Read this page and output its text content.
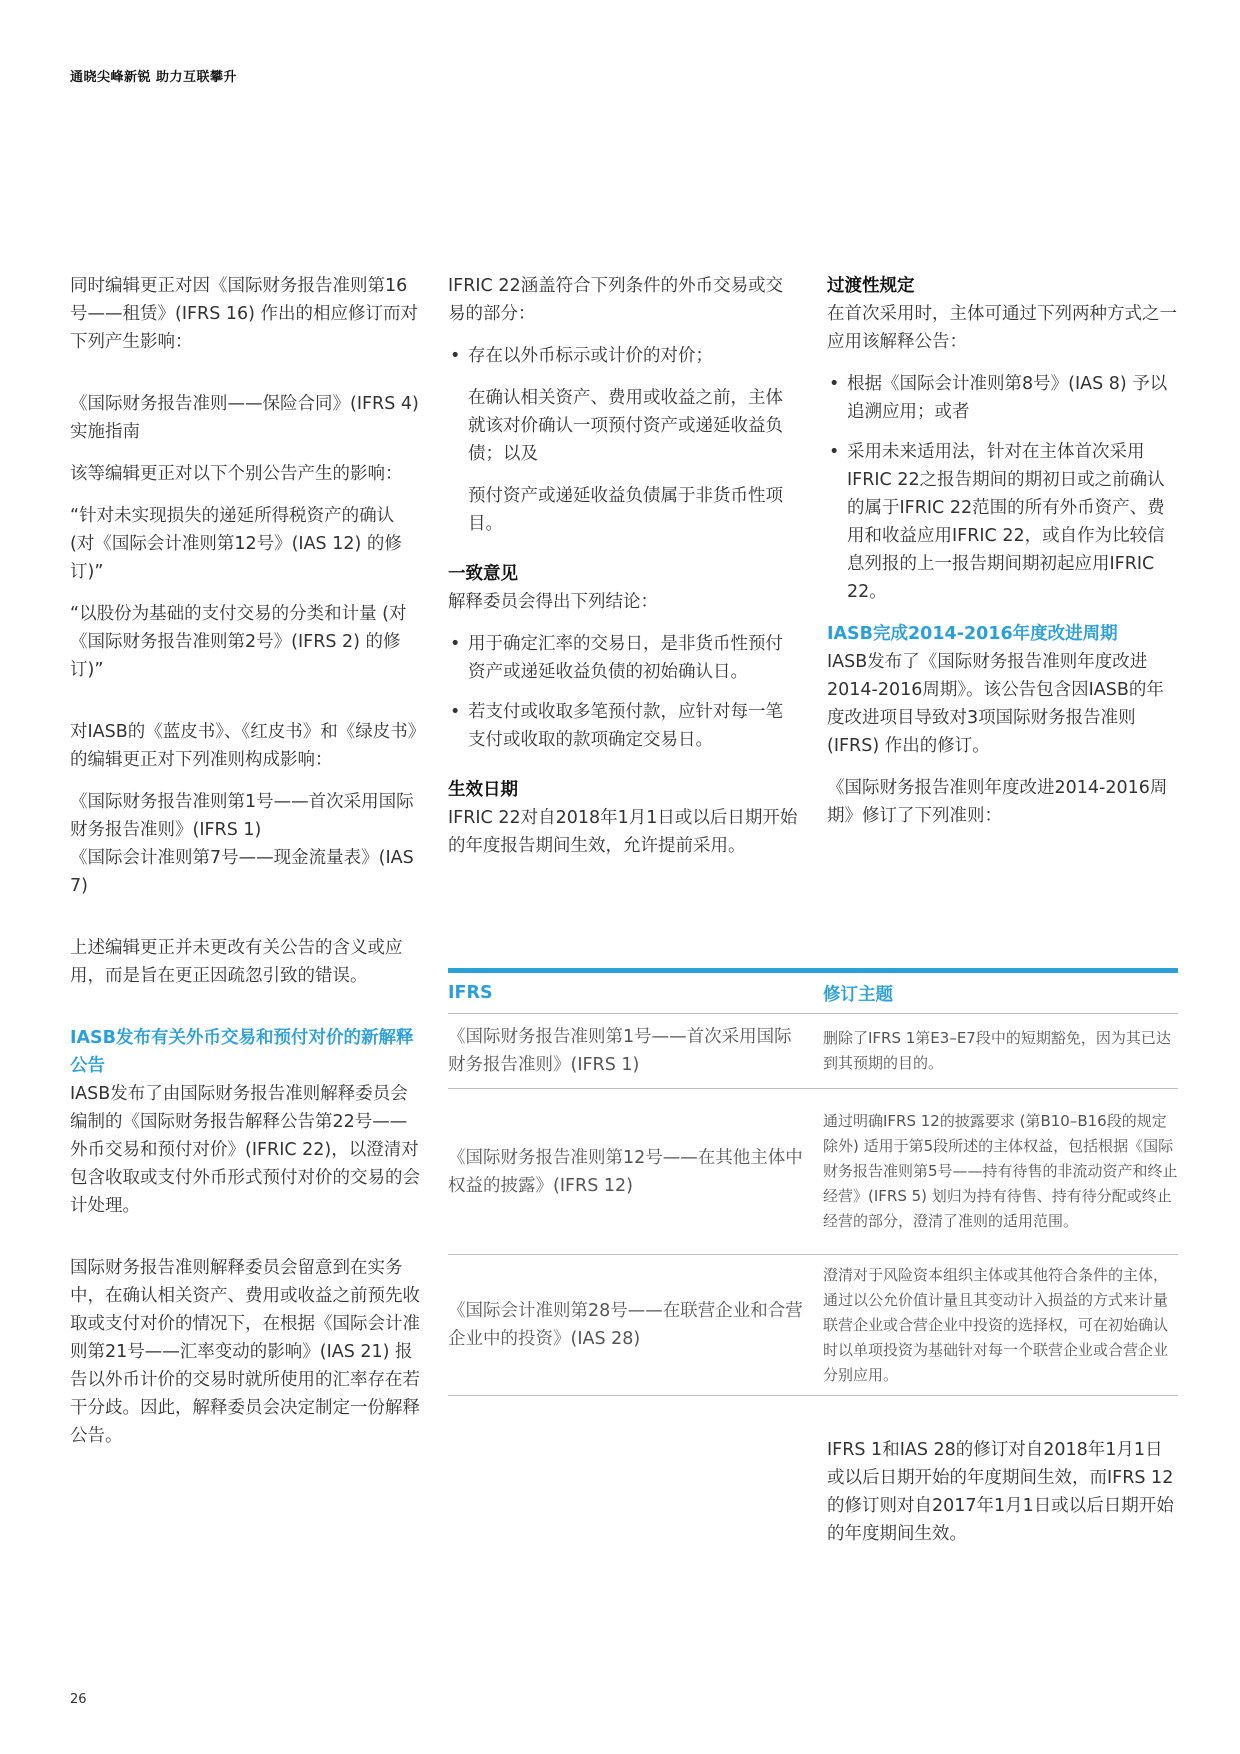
通晓尖峰新锐 助力互联攀升

同时编辑更正对因《国际财务报告准则第16号——租赁》(IFRS 16) 作出的相应修订而对下列产生影响：

《国际财务报告准则——保险合同》(IFRS 4) 实施指南

该等编辑更正对以下个别公告产生的影响：

“针对未实现损失的递延所得税资产的确认 (对《国际会计准则第12号》(IAS 12) 的修订)”

“以股份为基础的支付交易的分类和计量 (对《国际财务报告准则第2号》(IFRS 2) 的修订)”

对IASB的《蓝皮书》、《红皮书》和《绿皮书》的编辑更正对下列准则构成影响：

《国际财务报告准则第1号——首次采用国际财务报告准则》(IFRS 1)

《国际会计准则第7号——现金流量表》(IAS 7)

上述编辑更正并未更改有关公告的含义或应用，而是旨在更正因疏忽引致的错误。

IASB发布有关外币交易和预付对价的新解释公告

IASB发布了由国际财务报告准则解释委员会编制的《国际财务报告解释公告第22号——外币交易和预付对价》(IFRIC 22)，以澄清对包含收取或支付外币形式预付对价的交易的会计处理。

国际财务报告准则解释委员会留意到在实务中，在确认相关资产、费用或收益之前预先收取或支付对价的情况下，在根据《国际会计准则第21号——汇率变动的影响》(IAS 21) 报告以外币计价的交易时就所使用的汇率存在若干分歧。因此，解释委员会决定制定一份解释公告。

IFRIC 22涵盖符合下列条件的外币交易或交易的部分：

• 存在以外币标示或计价的对价；

在确认相关资产、费用或收益之前，主体就该对价确认一项预付资产或递延收益负债；以及

预付资产或递延收益负债属于非货币性项目。

一致意见

解释委员会得出下列结论：

• 用于确定汇率的交易日，是非货币性预付资产或递延收益负债的初始确认日。
• 若支付或收取多笔预付款，应针对每一笔支付或收取的款项确定交易日。
生效日期

IFRIC 22对自2018年1月1日或以后日期开始的年度报告期间生效，允许提前采用。

过渡性规定

在首次采用时，主体可通过下列两种方式之一应用该解释公告：

• 根据《国际会计准则第8号》(IAS 8) 予以追溯应用；或者
• 采用未来适用法，针对在主体首次采用IFRIC 22之报告期间的期初日或之前确认的属于IFRIC 22范围的所有外币资产、费用和收益应用IFRIC 22，或自作为比较信息列报的上一报告期间期初起应用IFRIC 22。
IASB完成2014-2016年度改进周期

IASB发布了《国际财务报告准则年度改进2014-2016周期》。该公告包含因IASB的年度改进项目导致对3项国际财务报告准则 (IFRS) 作出的修订。

《国际财务报告准则年度改进2014-2016周期》修订了下列准则：

IFRS	修订主题
《国际财务报告准则第1号——首次采用国际财务报告准则》(IFRS 1)
删除了IFRS 1第E3–E7段中的短期豁免，因为其已达到其预期的目的。
《国际财务报告准则第12号——在其他主体中权益的披露》(IFRS 12)
通过明确IFRS 12的披露要求 (第B10–B16段的规定除外) 适用于第5段所述的主体权益，包括根据《国际财务报告准则第5号——持有待售的非流动资产和终止经营》(IFRS 5) 划归为持有待售、持有待分配或终止经营的部分，澄清了准则的适用范围。
《国际会计准则第28号——在联营企业和合营企业中的投资》(IAS 28)
澄清对于风险资本组织主体或其他符合条件的主体，通过以公允价值计量且其变动计入损益的方式来计量联营企业或合营企业中投资的选择权，可在初始确认时以单项投资为基础针对每一个联营企业或合营企业分别应用。

IFRS 1和IAS 28的修订对自2018年1月1日或以后日期开始的年度期间生效，而IFRS 12的修订则对自2017年1月1日或以后日期开始的年度期间生效。

26
